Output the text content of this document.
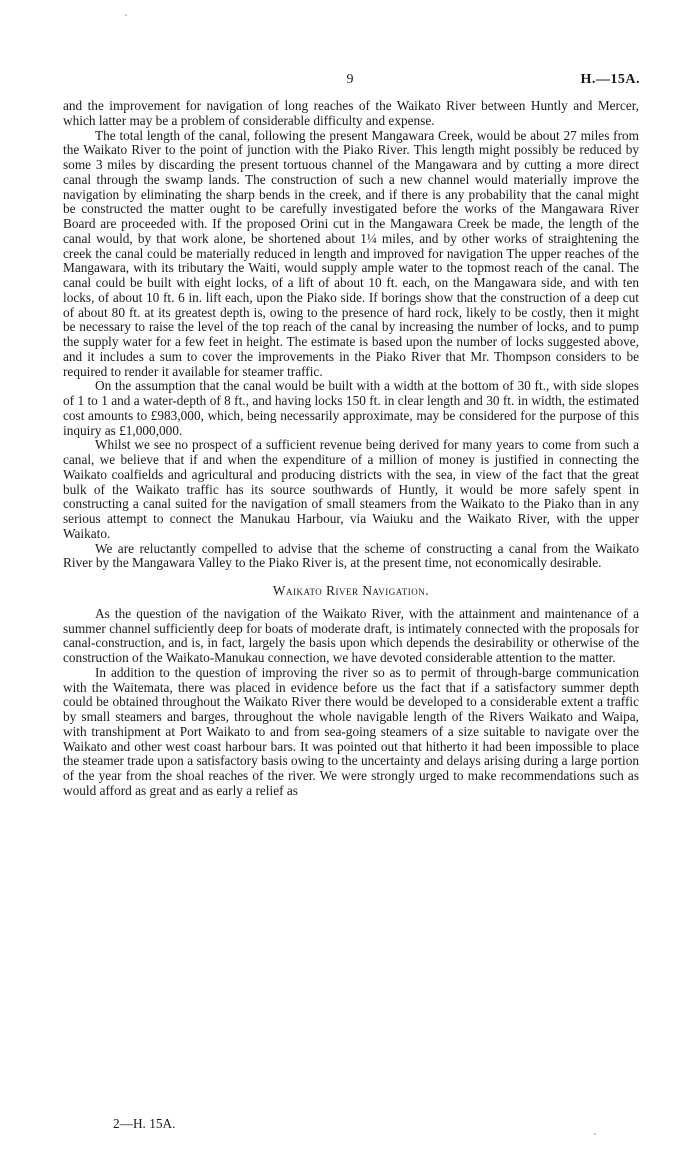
9	H.—15A.

and the improvement for navigation of long reaches of the Waikato River between Huntly and Mercer, which latter may be a problem of considerable difficulty and expense.

The total length of the canal, following the present Mangawara Creek, would be about 27 miles from the Waikato River to the point of junction with the Piako River. This length might possibly be reduced by some 3 miles by discarding the present tortuous channel of the Mangawara and by cutting a more direct canal through the swamp lands. The construction of such a new channel would materially improve the navigation by eliminating the sharp bends in the creek, and if there is any probability that the canal might be constructed the matter ought to be carefully investigated before the works of the Mangawara River Board are proceeded with. If the proposed Orini cut in the Mangawara Creek be made, the length of the canal would, by that work alone, be shortened about 1¼ miles, and by other works of straightening the creek the canal could be materially reduced in length and improved for navigation The upper reaches of the Mangawara, with its tributary the Waiti, would supply ample water to the topmost reach of the canal. The canal could be built with eight locks, of a lift of about 10 ft. each, on the Mangawara side, and with ten locks, of about 10 ft. 6 in. lift each, upon the Piako side. If borings show that the construction of a deep cut of about 80 ft. at its greatest depth is, owing to the presence of hard rock, likely to be costly, then it might be necessary to raise the level of the top reach of the canal by increasing the number of locks, and to pump the supply water for a few feet in height. The estimate is based upon the number of locks suggested above, and it includes a sum to cover the improvements in the Piako River that Mr. Thompson considers to be required to render it available for steamer traffic.

On the assumption that the canal would be built with a width at the bottom of 30 ft., with side slopes of 1 to 1 and a water-depth of 8 ft., and having locks 150 ft. in clear length and 30 ft. in width, the estimated cost amounts to £983,000, which, being necessarily approximate, may be considered for the purpose of this inquiry as £1,000,000.

Whilst we see no prospect of a sufficient revenue being derived for many years to come from such a canal, we believe that if and when the expenditure of a million of money is justified in connecting the Waikato coalfields and agricultural and producing districts with the sea, in view of the fact that the great bulk of the Waikato traffic has its source southwards of Huntly, it would be more safely spent in constructing a canal suited for the navigation of small steamers from the Waikato to the Piako than in any serious attempt to connect the Manukau Harbour, via Waiuku and the Waikato River, with the upper Waikato.

We are reluctantly compelled to advise that the scheme of constructing a canal from the Waikato River by the Mangawara Valley to the Piako River is, at the present time, not economically desirable.

Waikato River Navigation.

As the question of the navigation of the Waikato River, with the attainment and maintenance of a summer channel sufficiently deep for boats of moderate draft, is intimately connected with the proposals for canal-construction, and is, in fact, largely the basis upon which depends the desirability or otherwise of the construction of the Waikato-Manukau connection, we have devoted considerable attention to the matter.

In addition to the question of improving the river so as to permit of through-barge communication with the Waitemata, there was placed in evidence before us the fact that if a satisfactory summer depth could be obtained throughout the Waikato River there would be developed to a considerable extent a traffic by small steamers and barges, throughout the whole navigable length of the Rivers Waikato and Waipa, with transhipment at Port Waikato to and from sea-going steamers of a size suitable to navigate over the Waikato and other west coast harbour bars. It was pointed out that hitherto it had been impossible to place the steamer trade upon a satisfactory basis owing to the uncertainty and delays arising during a large portion of the year from the shoal reaches of the river. We were strongly urged to make recommendations such as would afford as great and as early a relief as

2—H. 15A.
